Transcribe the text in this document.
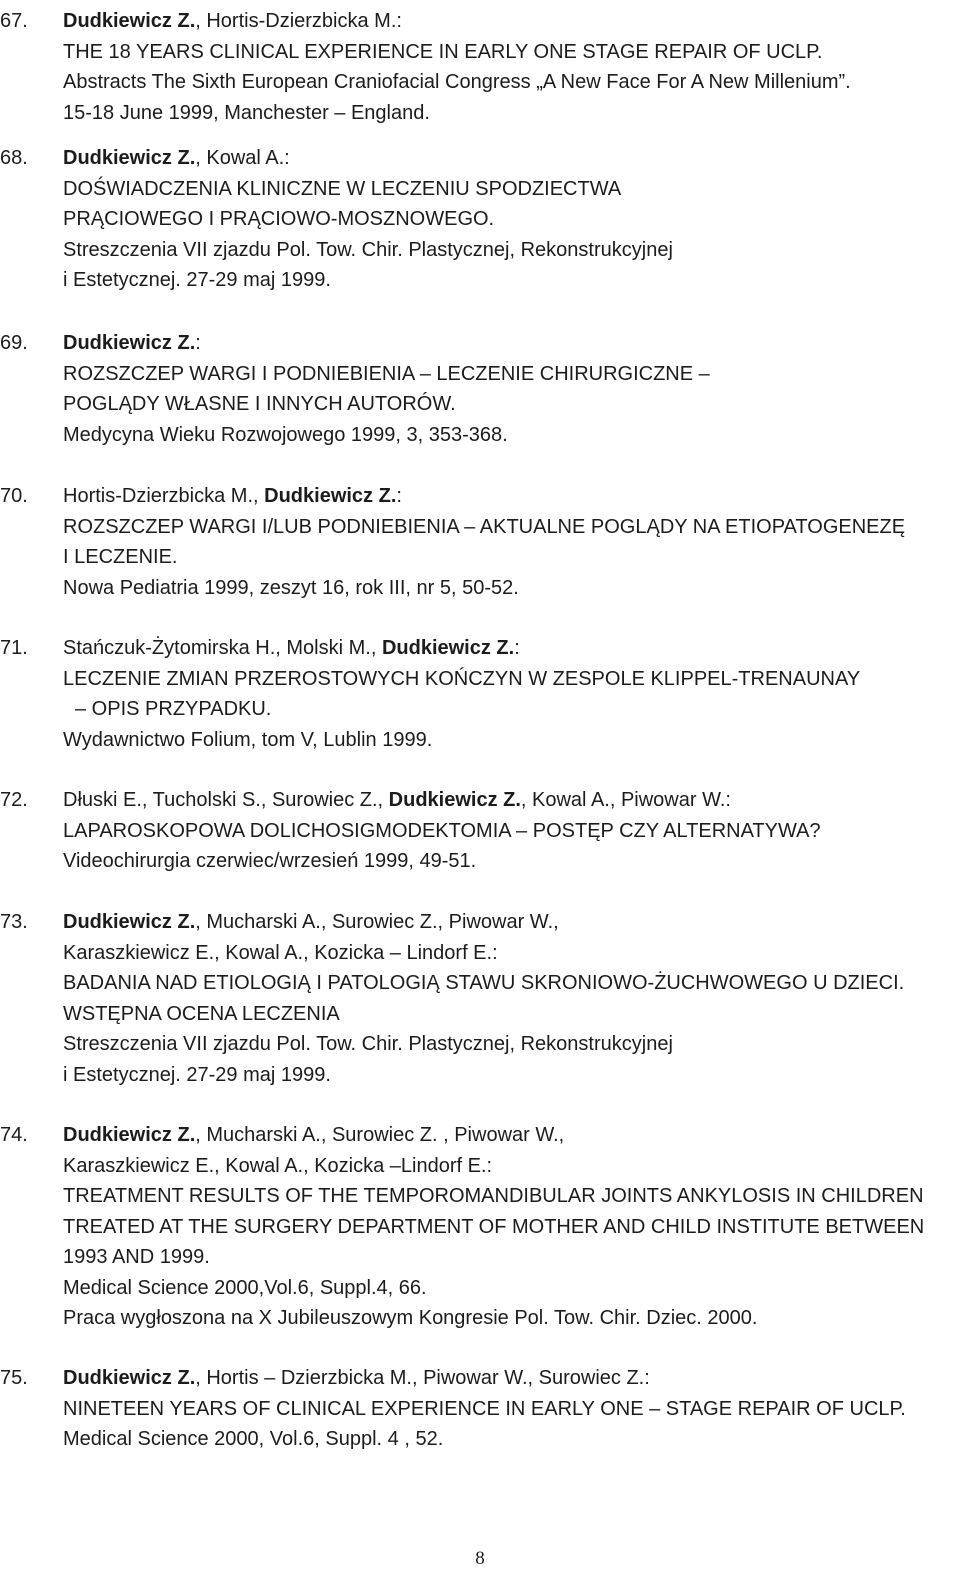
67. Dudkiewicz Z., Hortis-Dzierzbicka M.:
THE 18 YEARS CLINICAL EXPERIENCE IN EARLY ONE STAGE REPAIR OF UCLP.
Abstracts The Sixth European Craniofacial Congress „A New Face For A New Millenium”.
15-18 June 1999, Manchester – England.
68. Dudkiewicz Z., Kowal A.:
DOŚWIADCZENIA KLINICZNE W LECZENIU SPODZIECTWA
PRĄCIOWEGO I PRĄCIOWO-MOSZNOWEGO.
Streszczenia VII zjazdu Pol. Tow. Chir. Plastycznej, Rekonstrukcyjnej
i Estetycznej. 27-29 maj 1999.
69. Dudkiewicz Z.:
ROZSZCZEP WARGI I PODNIEBIENIA – LECZENIE CHIRURGICZNE –
POGLĄDY WŁASNE I INNYCH AUTORÓW.
Medycyna Wieku Rozwojowego 1999, 3, 353-368.
70. Hortis-Dzierzbicka M., Dudkiewicz Z.:
ROZSZCZEP WARGI I/LUB PODNIEBIENIA – AKTUALNE POGLĄDY NA ETIOPATOGENEZĘ
I LECZENIE.
Nowa Pediatria 1999, zeszyt 16, rok III, nr 5, 50-52.
71. Stańczuk-Żytomirska H., Molski M., Dudkiewicz Z.:
LECZENIE ZMIAN PRZEROSTOWYCH KOŃCZYN W ZESPOLE KLIPPEL-TRENAUNAY
– OPIS PRZYPADKU.
Wydawnictwo Folium, tom V, Lublin 1999.
72. Dłuski E., Tucholski S., Surowiec Z., Dudkiewicz Z., Kowal A., Piwowar W.:
LAPAROSKOPOWA DOLICHOSIGMODEKTOMIA – POSTĘP CZY ALTERNATYWA?
Videochirurgia czerwiec/wrzesień 1999, 49-51.
73. Dudkiewicz Z., Mucharski A., Surowiec Z., Piwowar W.,
Karaszkiewicz E., Kowal A., Kozicka – Lindorf E.:
BADANIA NAD ETIOLOGIĄ I PATOLOGIĄ STAWU SKRONIOWO-ŻUCHWOWEGO U DZIECI.
WSTĘPNA OCENA LECZENIA
Streszczenia VII zjazdu Pol. Tow. Chir. Plastycznej, Rekonstrukcyjnej
i Estetycznej. 27-29 maj 1999.
74. Dudkiewicz Z., Mucharski A., Surowiec Z. , Piwowar W.,
Karaszkiewicz E., Kowal A., Kozicka –Lindorf E.:
TREATMENT RESULTS OF THE TEMPOROMANDIBULAR JOINTS ANKYLOSIS IN CHILDREN
TREATED AT THE SURGERY DEPARTMENT OF MOTHER AND CHILD INSTITUTE BETWEEN
1993 AND 1999.
Medical Science 2000,Vol.6, Suppl.4, 66.
Praca wygłoszona na X Jubileuszowym Kongresie Pol. Tow. Chir. Dziec. 2000.
75. Dudkiewicz Z., Hortis – Dzierzbicka M., Piwowar W., Surowiec Z.:
NINETEEN YEARS OF CLINICAL EXPERIENCE IN EARLY ONE – STAGE REPAIR OF UCLP.
Medical Science 2000, Vol.6, Suppl. 4 , 52.
8
